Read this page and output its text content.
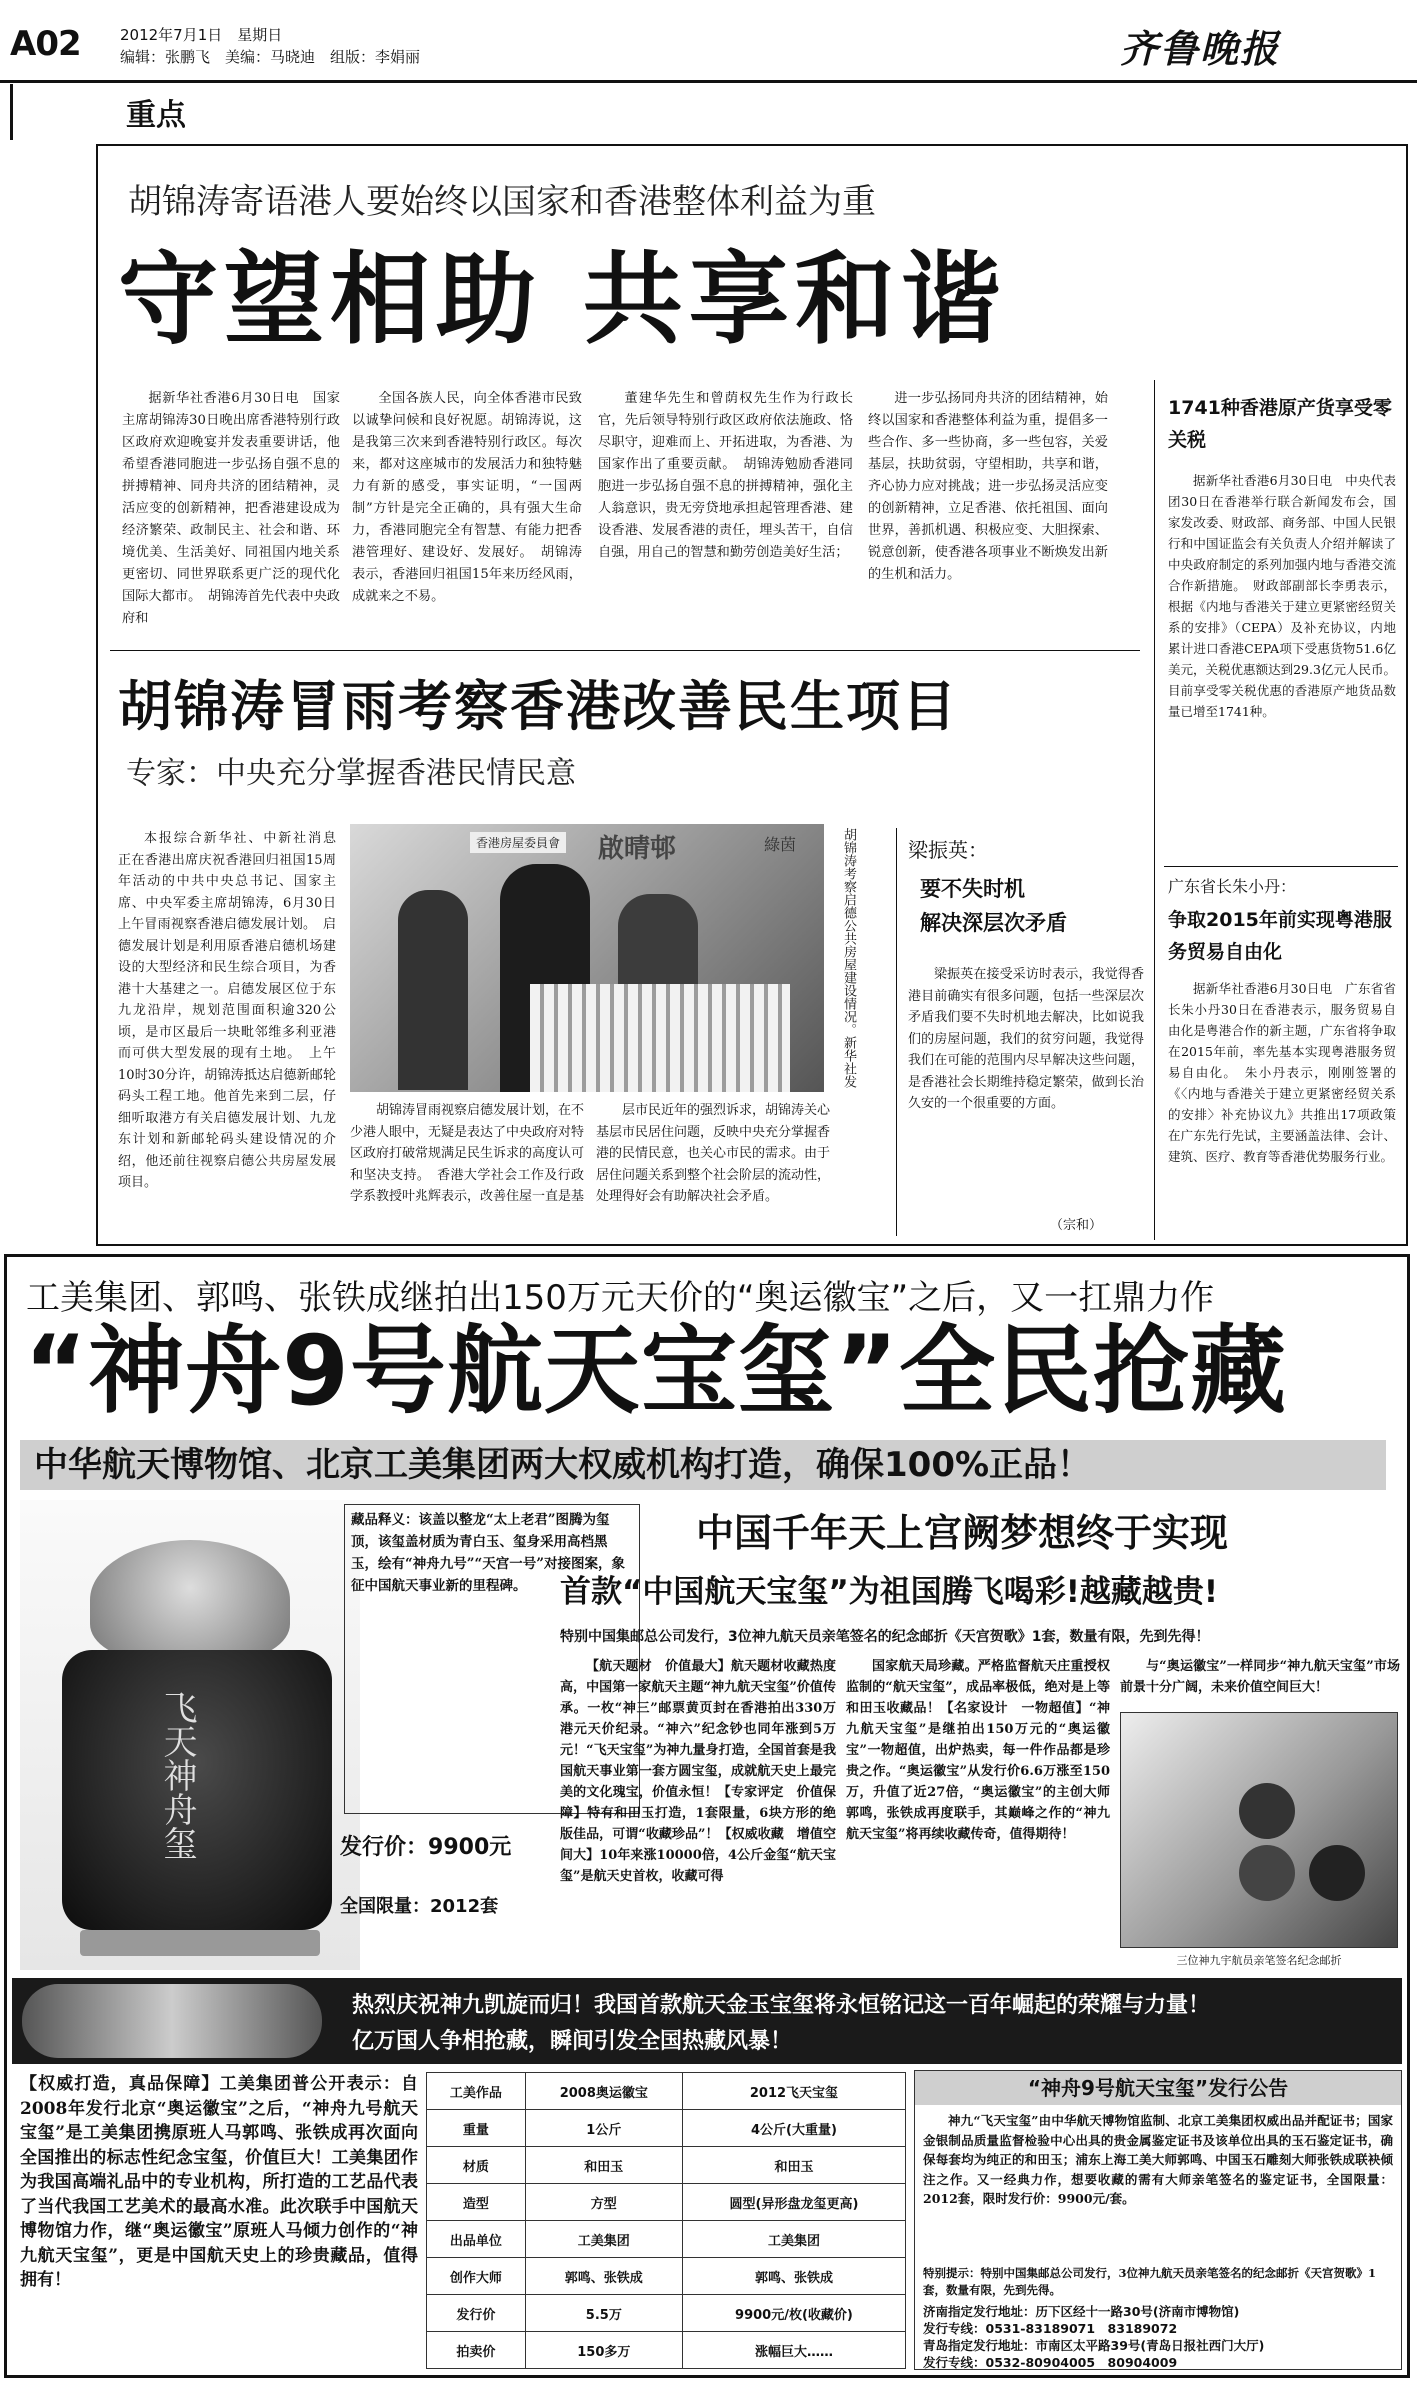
A02	2012年7月1日　星期日
编辑：张鹏飞　美编：马晓迪　组版：李娟丽	齐鲁晚报
重点
胡锦涛寄语港人要始终以国家和香港整体利益为重
守望相助 共享和谐

据新华社香港6月30日电　国家主席胡锦涛30日晚出席香港特别行政区政府欢迎晚宴并发表重要讲话，他希望香港同胞进一步弘扬自强不息的拼搏精神、同舟共济的团结精神，灵活应变的创新精神，把香港建设成为经济繁荣、政制民主、社会和谐、环境优美、生活美好、同祖国内地关系更密切、同世界联系更广泛的现代化国际大都市。　胡锦涛首先代表中央政府和

全国各族人民，向全体香港市民致以诚挚问候和良好祝愿。胡锦涛说，这是我第三次来到香港特别行政区。每次来，都对这座城市的发展活力和独特魅力有新的感受，事实证明，“一国两制”方针是完全正确的，具有强大生命力，香港同胞完全有智慧、有能力把香港管理好、建设好、发展好。　胡锦涛表示，香港回归祖国15年来历经风雨，成就来之不易。

董建华先生和曾荫权先生作为行政长官，先后领导特别行政区政府依法施政、恪尽职守，迎难而上、开拓进取，为香港、为国家作出了重要贡献。　胡锦涛勉励香港同胞进一步弘扬自强不息的拼搏精神，强化主人翁意识，贵无旁贷地承担起管理香港、建设香港、发展香港的责任，埋头苦干，自信自强，用自己的智慧和勤劳创造美好生活；

进一步弘扬同舟共济的团结精神，始终以国家和香港整体利益为重，提倡多一些合作、多一些协商，多一些包容，关爱基层，扶助贫弱，守望相助，共享和谐，齐心协力应对挑战；进一步弘扬灵活应变的创新精神，立足香港、依托祖国、面向世界，善抓机遇、积极应变、大胆探索、锐意创新，使香港各项事业不断焕发出新的生机和活力。

1741种香港原产货享受零关税

据新华社香港6月30日电　中央代表团30日在香港举行联合新闻发布会，国家发改委、财政部、商务部、中国人民银行和中国证监会有关负责人介绍并解读了中央政府制定的系列加强内地与香港交流合作新措施。　财政部副部长李勇表示，根据《内地与香港关于建立更紧密经贸关系的安排》（CEPA）及补充协议，内地累计进口香港CEPA项下受惠货物51.6亿美元，关税优惠额达到29.3亿元人民币。目前享受零关税优惠的香港原产地货品数量已增至1741种。

广东省长朱小丹：
争取2015年前实现粤港服务贸易自由化

据新华社香港6月30日电　广东省省长朱小丹30日在香港表示，服务贸易自由化是粤港合作的新主题，广东省将争取在2015年前，率先基本实现粤港服务贸易自由化。　朱小丹表示，刚刚签署的《〈内地与香港关于建立更紧密经贸关系的安排〉补充协议九》共推出17项政策在广东先行先试，主要涵盖法律、会计、建筑、医疗、教育等香港优势服务行业。

胡锦涛冒雨考察香港改善民生项目
专家：中央充分掌握香港民情民意

本报综合新华社、中新社消息　正在香港出席庆祝香港回归祖国15周年活动的中共中央总书记、国家主席、中央军委主席胡锦涛，6月30日上午冒雨视察香港启德发展计划。　启德发展计划是利用原香港启德机场建设的大型经济和民生综合项目，为香港十大基建之一。启德发展区位于东九龙沿岸，规划范围面积逾320公顷，是市区最后一块毗邻维多利亚港而可供大型发展的现有土地。　上午10时30分许，胡锦涛抵达启德新邮轮码头工程工地。他首先来到二层，仔细听取港方有关启德发展计划、九龙东计划和新邮轮码头建设情况的介绍，他还前往视察启德公共房屋发展项目。

啟晴邨	綠茵
香港房屋委員會	胡锦涛考察启德公共房屋建设情况。新华社发

胡锦涛冒雨视察启德发展计划，在不少港人眼中，无疑是表达了中央政府对特区政府打破常规满足民生诉求的高度认可和坚决支持。　香港大学社会工作及行政学系教授叶兆辉表示，改善住屋一直是基

层市民近年的强烈诉求，胡锦涛关心基层市民居住问题，反映中央充分掌握香港的民情民意，也关心市民的需求。由于居住问题关系到整个社会阶层的流动性，处理得好会有助解决社会矛盾。

梁振英：
要不失时机
解决深层次矛盾

梁振英在接受采访时表示，我觉得香港目前确实有很多问题，包括一些深层次矛盾我们要不失时机地去解决，比如说我们的房屋问题，我们的贫穷问题，我觉得我们在可能的范围内尽早解决这些问题，是香港社会长期维持稳定繁荣，做到长治久安的一个很重要的方面。

（宗和）
工美集团、郭鸣、张铁成继拍出150万元天价的“奥运徽宝”之后，又一扛鼎力作
“神舟9号航天宝玺”全民抢藏
中华航天博物馆、北京工美集团两大权威机构打造，确保100%正品！
飞天神舟玺
藏品释义：该盖以整龙“太上老君”图腾为玺顶，该玺盖材质为青白玉、玺身采用高档黑玉，绘有“神舟九号”“天宫一号”对接图案，象征中国航天事业新的里程碑。
发行价：9900元
全国限量：2012套
中国千年天上宫阙梦想终于实现
首款“中国航天宝玺”为祖国腾飞喝彩!越藏越贵!
特别中国集邮总公司发行，3位神九航天员亲笔签名的纪念邮折《天宫贺歌》1套，数量有限，先到先得！

【航天题材　价值最大】航天题材收藏热度高，中国第一家航天主题“神九航天宝玺”价值传承。一枚“神三”邮票黄页封在香港拍出330万港元天价纪录。“神六”纪念钞也同年涨到5万元！“飞天宝玺”为神九量身打造，全国首套是我国航天事业第一套方圆宝玺，成就航天史上最完美的文化瑰宝，价值永恒！【专家评定　价值保障】特有和田玉打造，1套限量，6块方形的绝版佳品，可谓“收藏珍品”！【权威收藏　增值空间大】10年来涨10000倍，4公斤金玺“航天宝玺”是航天史首枚，收藏可得

国家航天局珍藏。严格监督航天庄重授权监制的“航天宝玺”，成品率极低，绝对是上等和田玉收藏品！【名家设计　一物超值】“神九航天宝玺”是继拍出150万元的“奥运徽宝”一物超值，出炉热卖，每一件作品都是珍贵之作。“奥运徽宝”从发行价6.6万涨至150万，升值了近27倍，“奥运徽宝”的主创大师郭鸣，张铁成再度联手，其巅峰之作的“神九航天宝玺”将再续收藏传奇，值得期待！

与“奥运徽宝”一样同步“神九航天宝玺”市场前景十分广阔，未来价值空间巨大！

三位神九宇航员亲笔签名纪念邮折
热烈庆祝神九凯旋而归！我国首款航天金玉宝玺将永恒铭记这一百年崛起的荣耀与力量！
亿万国人争相抢藏，瞬间引发全国热藏风暴！

【权威打造，真品保障】工美集团普公开表示：自2008年发行北京“奥运徽宝”之后，“神舟九号航天宝玺”是工美集团携原班人马郭鸣、张铁成再次面向全国推出的标志性纪念宝玺，价值巨大！工美集团作为我国高端礼品中的专业机构，所打造的工艺品代表了当代我国工艺美术的最高水准。此次联手中国航天博物馆力作，继“奥运徽宝”原班人马倾力创作的“神九航天宝玺”，更是中国航天史上的珍贵藏品，值得拥有！

工美作品	2008奥运徽宝	2012飞天宝玺
重量	1公斤	4公斤(大重量)
材质	和田玉	和田玉
造型	方型	圆型(异形盘龙玺更高)
出品单位	工美集团	工美集团
创作大师	郭鸣、张铁成	郭鸣、张铁成
发行价	5.5万	9900元/枚(收藏价)
拍卖价	150多万	涨幅巨大……
“神舟9号航天宝玺”发行公告

神九“飞天宝玺”由中华航天博物馆监制、北京工美集团权威出品并配证书；国家金银制品质量监督检验中心出具的贵金属鉴定证书及该单位出具的玉石鉴定证书，确保每套均为纯正的和田玉；浦东上海工美大师郭鸣、中国玉石雕刻大师张铁成联袂倾注之作。又一经典力作，想要收藏的需有大师亲笔签名的鉴定证书，全国限量：2012套，限时发行价：9900元/套。

特别提示：特别中国集邮总公司发行，3位神九航天员亲笔签名的纪念邮折《天宫贺歌》1套，数量有限，先到先得。
济南指定发行地址：历下区经十一路30号(济南市博物馆)
发行专线：0531-83189071　83189072
青岛指定发行地址：市南区太平路39号(青岛日报社西门大厅)
发行专线：0532-80904005　80904009
